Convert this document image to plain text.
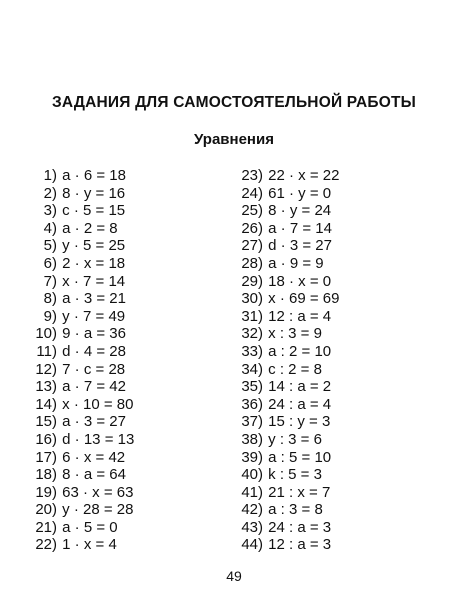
ЗАДАНИЯ ДЛЯ САМОСТОЯТЕЛЬНОЙ РАБОТЫ
Уравнения
1) a · 6 = 18
2) 8 · y = 16
3) c · 5 = 15
4) a · 2 = 8
5) y · 5 = 25
6) 2 · x = 18
7) x · 7 = 14
8) a · 3 = 21
9) y · 7 = 49
10) 9 · a = 36
11) d · 4 = 28
12) 7 · c = 28
13) a · 7 = 42
14) x · 10 = 80
15) a · 3 = 27
16) d · 13 = 13
17) 6 · x = 42
18) 8 · a = 64
19) 63 · x = 63
20) y · 28 = 28
21) a · 5 = 0
22) 1 · x = 4
23) 22 · x = 22
24) 61 · y = 0
25) 8 · y = 24
26) a · 7 = 14
27) d · 3 = 27
28) a · 9 = 9
29) 18 · x = 0
30) x · 69 = 69
31) 12 : a = 4
32) x : 3 = 9
33) a : 2 = 10
34) c : 2 = 8
35) 14 : a = 2
36) 24 : a = 4
37) 15 : y = 3
38) y : 3 = 6
39) a : 5 = 10
40) k : 5 = 3
41) 21 : x = 7
42) a : 3 = 8
43) 24 : a = 3
44) 12 : a = 3
49
